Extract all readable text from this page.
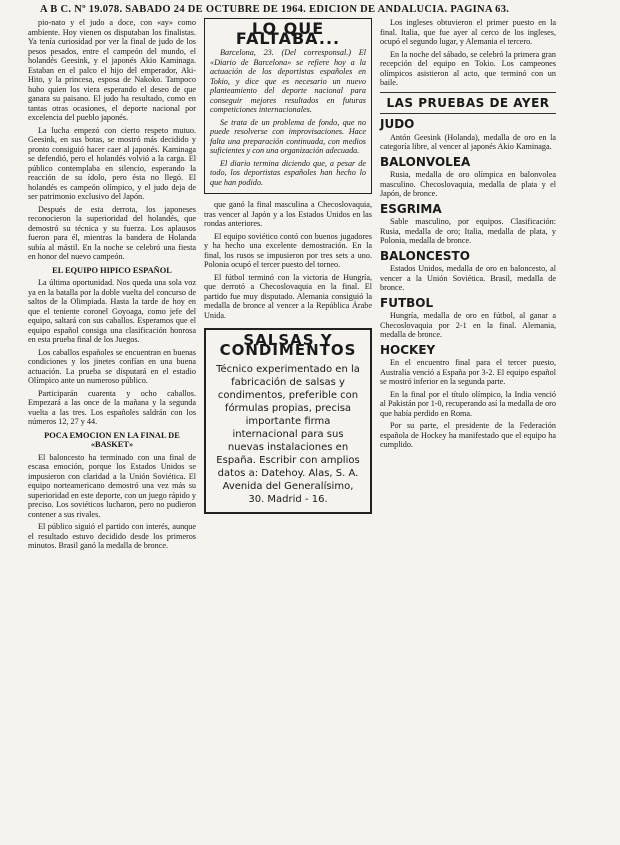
A B C. Nº 19.078. SABADO 24 DE OCTUBRE DE 1964. EDICION DE ANDALUCIA. PAGINA 63.

pio-nato y el judo a doce, con «ay» como ambiente. Hoy vienen os disputaban los finalistas. Ya tenía curiosidad por ver la final de judo de los pesos pesados, entre el campeón del mundo, el holandés Geesink, y el japonés Akio Kaminaga. Estaban en el palco el hijo del emperador, Aki-Hito, y la princesa, esposa de Nakoko. Tampoco hubo quien los viera esperando el deseo de que ganara su paisano. El judo ha resultado, como en tantas otras ocasiones, el deporte nacional por excelencia del pueblo japonés.

La lucha empezó con cierto respeto mutuo. Geesink, en sus botas, se mostró más decidido y pronto consiguió hacer caer al japonés. Kaminaga se defendió, pero el holandés volvió a la carga. El público contemplaba en silencio, esperando la reacción de su ídolo, pero ésta no llegó. El holandés es campeón olímpico, y el judo deja de ser patrimonio exclusivo del Japón.

Después de esta derrota, los japoneses reconocieron la superioridad del holandés, que demostró su técnica y su fuerza. Los aplausos fueron para él, mientras la bandera de Holanda subía al mástil. En la noche se celebró una fiesta en honor del nuevo campeón.

EL EQUIPO HIPICO ESPAÑOL

La última oportunidad. Nos queda una sola voz ya en la batalla por la doble vuelta del concurso de saltos de la Olimpiada. Hasta la tarde de hoy en que el teniente coronel Goyoaga, como jefe del equipo, saltará con sus caballos. Esperamos que el equipo español consiga una clasificación honrosa en esta prueba final de los Juegos.

Los caballos españoles se encuentran en buenas condiciones y los jinetes confían en una buena actuación. La prueba se disputará en el estadio Olímpico ante un numeroso público.

Participarán cuarenta y ocho caballos. Empezará a las once de la mañana y la segunda vuelta a las tres. Los españoles saldrán con los números 12, 27 y 44.

POCA EMOCION EN LA FINAL DE «BASKET»

El baloncesto ha terminado con una final de escasa emoción, porque los Estados Unidos se impusieron con claridad a la Unión Soviética. El equipo norteamericano demostró una vez más su superioridad en este deporte, con un juego rápido y preciso. Los soviéticos lucharon, pero no pudieron contener a sus rivales.

El público siguió el partido con interés, aunque el resultado estuvo decidido desde los primeros minutos. Brasil ganó la medalla de bronce.

LO QUE FALTABA...

Barcelona, 23. (Del corresponsal.) El «Diario de Barcelona» se refiere hoy a la actuación de los deportistas españoles en Tokio, y dice que es necesario un nuevo planteamiento del deporte nacional para conseguir mejores resultados en futuras competiciones internacionales.

Se trata de un problema de fondo, que no puede resolverse con improvisaciones. Hace falta una preparación continuada, con medios suficientes y con una organización adecuada.

El diario termina diciendo que, a pesar de todo, los deportistas españoles han hecho lo que han podido.

que ganó la final masculina a Checoslovaquia, tras vencer al Japón y a los Estados Unidos en las rondas anteriores.

El equipo soviético contó con buenos jugadores y ha hecho una excelente demostración. En la final, los rusos se impusieron por tres sets a uno. Polonia ocupó el tercer puesto del torneo.

El fútbol terminó con la victoria de Hungría, que derrotó a Checoslovaquia en la final. El partido fue muy disputado. Alemania consiguió la medalla de bronce al vencer a la República Árabe Unida.

SALSAS Y CONDIMENTOS
Técnico experimentado en la fabricación de salsas y condimentos, preferible con fórmulas propias, precisa importante firma internacional para sus nuevas instalaciones en España. Escribir con amplios datos a: Datehoy. Alas, S. A. Avenida del Generalísimo, 30. Madrid - 16.

Los ingleses obtuvieron el primer puesto en la final. Italia, que fue ayer al cerco de los ingleses, ocupó el segundo lugar, y Alemania el tercero.

En la noche del sábado, se celebró la primera gran recepción del equipo en Tokio. Los campeones olímpicos asistieron al acto, que terminó con un baile.

LAS PRUEBAS DE AYER
JUDO

Antón Geesink (Holanda), medalla de oro en la categoría libre, al vencer al japonés Akio Kaminaga.

BALONVOLEA

Rusia, medalla de oro olímpica en balonvolea masculino. Checoslovaquia, medalla de plata y el Japón, de bronce.

ESGRIMA

Sable masculino, por equipos. Clasificación: Rusia, medalla de oro; Italia, medalla de plata, y Polonia, medalla de bronce.

BALONCESTO

Estados Unidos, medalla de oro en baloncesto, al vencer a la Unión Soviética. Brasil, medalla de bronce.

FUTBOL

Hungría, medalla de oro en fútbol, al ganar a Checoslovaquia por 2-1 en la final. Alemania, medalla de bronce.

HOCKEY

En el encuentro final para el tercer puesto, Australia venció a España por 3-2. El equipo español se mostró inferior en la segunda parte.

En la final por el título olímpico, la India venció al Pakistán por 1-0, recuperando así la medalla de oro que había perdido en Roma.

Por su parte, el presidente de la Federación española de Hockey ha manifestado que el equipo ha cumplido.
